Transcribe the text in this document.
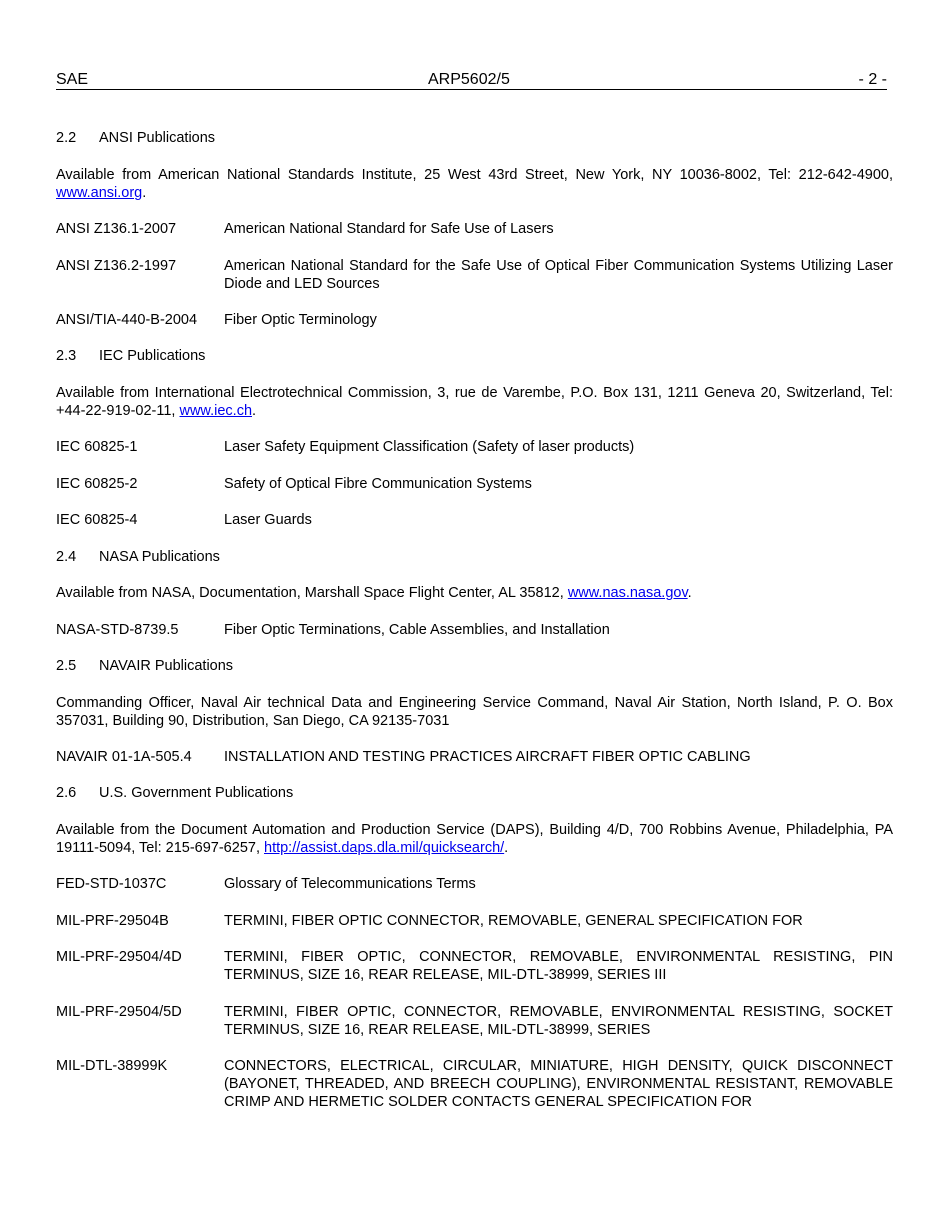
SAE	ARP5602/5	- 2 -
2.2 ANSI Publications
Available from American National Standards Institute, 25 West 43rd Street, New York, NY 10036-8002, Tel: 212-642-4900, www.ansi.org.
ANSI Z136.1-2007	American National Standard for Safe Use of Lasers
ANSI Z136.2-1997	American National Standard for the Safe Use of Optical Fiber Communication Systems Utilizing Laser Diode and LED Sources
ANSI/TIA-440-B-2004 Fiber Optic Terminology
2.3 IEC Publications
Available from International Electrotechnical Commission, 3, rue de Varembe, P.O. Box 131, 1211 Geneva 20, Switzerland, Tel: +44-22-919-02-11, www.iec.ch.
IEC 60825-1	Laser Safety Equipment Classification (Safety of laser products)
IEC 60825-2	Safety of Optical Fibre Communication Systems
IEC 60825-4	Laser Guards
2.4 NASA Publications
Available from NASA, Documentation, Marshall Space Flight Center, AL 35812, www.nas.nasa.gov.
NASA-STD-8739.5	Fiber Optic Terminations, Cable Assemblies, and Installation
2.5 NAVAIR Publications
Commanding Officer, Naval Air technical Data and Engineering Service Command, Naval Air Station, North Island, P. O. Box 357031, Building 90, Distribution, San Diego, CA 92135-7031
NAVAIR 01-1A-505.4 INSTALLATION AND TESTING PRACTICES AIRCRAFT FIBER OPTIC CABLING
2.6 U.S. Government Publications
Available from the Document Automation and Production Service (DAPS), Building 4/D, 700 Robbins Avenue, Philadelphia, PA 19111-5094, Tel: 215-697-6257, http://assist.daps.dla.mil/quicksearch/.
FED-STD-1037C	Glossary of Telecommunications Terms
MIL-PRF-29504B	TERMINI, FIBER OPTIC CONNECTOR, REMOVABLE, GENERAL SPECIFICATION FOR
MIL-PRF-29504/4D	TERMINI, FIBER OPTIC, CONNECTOR, REMOVABLE, ENVIRONMENTAL RESISTING, PIN TERMINUS, SIZE 16, REAR RELEASE, MIL-DTL-38999, SERIES III
MIL-PRF-29504/5D	TERMINI, FIBER OPTIC, CONNECTOR, REMOVABLE, ENVIRONMENTAL RESISTING, SOCKET TERMINUS, SIZE 16, REAR RELEASE, MIL-DTL-38999, SERIES
MIL-DTL-38999K	CONNECTORS, ELECTRICAL, CIRCULAR, MINIATURE, HIGH DENSITY, QUICK DISCONNECT (BAYONET, THREADED, AND BREECH COUPLING), ENVIRONMENTAL RESISTANT, REMOVABLE CRIMP AND HERMETIC SOLDER CONTACTS GENERAL SPECIFICATION FOR
